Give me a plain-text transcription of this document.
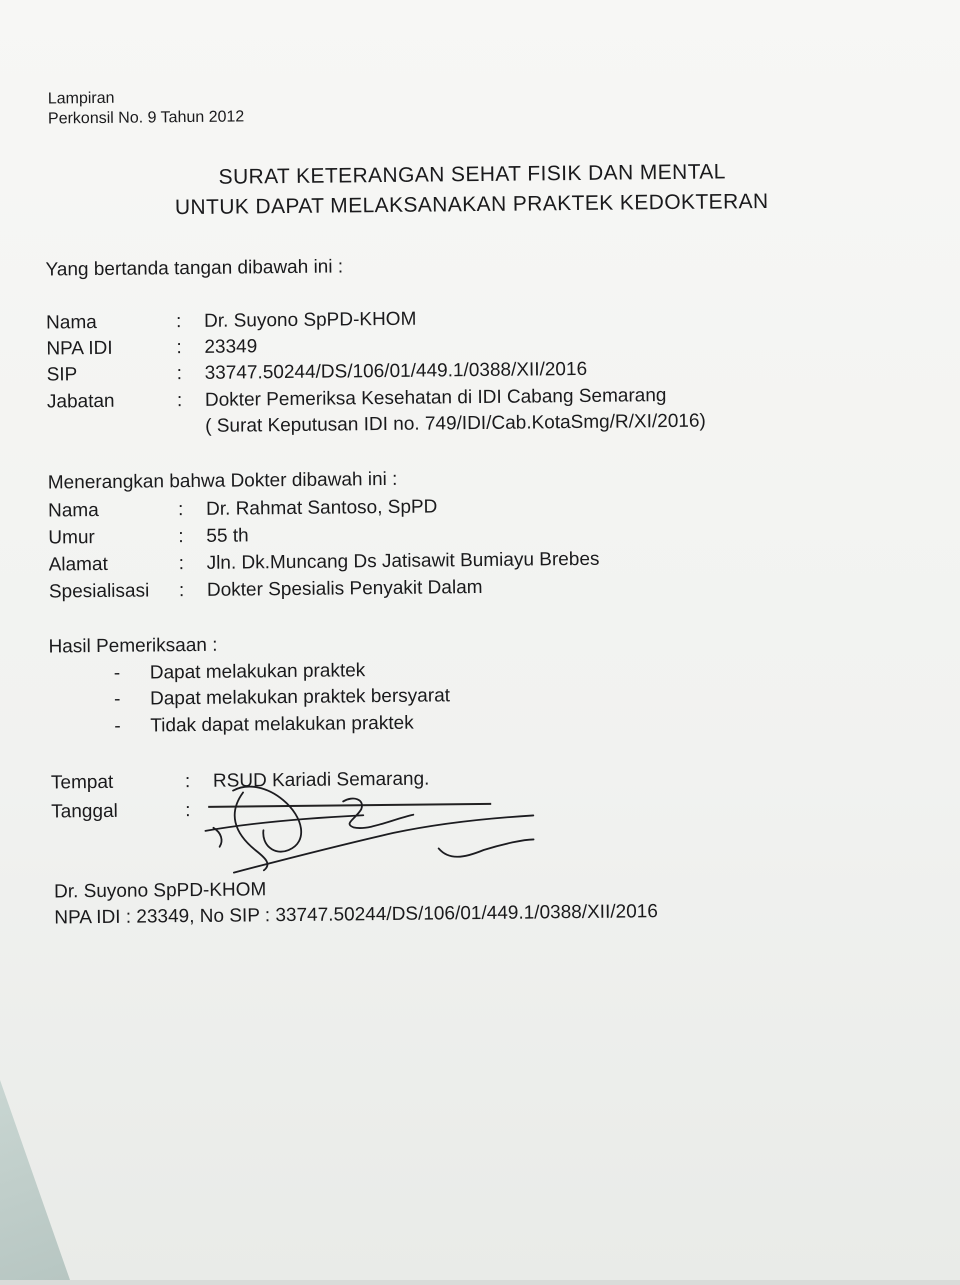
Lampiran
Perkonsil No. 9 Tahun 2012
SURAT KETERANGAN SEHAT FISIK DAN MENTAL
UNTUK DAPAT MELAKSANAKAN PRAKTEK KEDOKTERAN
Yang bertanda tangan dibawah ini :
Nama	:	Dr. Suyono SpPD-KHOM
NPA IDI	:	23349
SIP	:	33747.50244/DS/106/01/449.1/0388/XII/2016
Jabatan	:	Dokter Pemeriksa Kesehatan di IDI Cabang Semarang
( Surat Keputusan IDI no. 749/IDI/Cab.KotaSmg/R/XI/2016)
Menerangkan bahwa Dokter dibawah ini :
Nama	:	Dr. Rahmat Santoso, SpPD
Umur	:	55 th
Alamat	:	Jln. Dk.Muncang Ds Jatisawit Bumiayu Brebes
Spesialisasi	:	Dokter Spesialis Penyakit Dalam
Hasil Pemeriksaan :
-	Dapat melakukan praktek
-	Dapat melakukan praktek bersyarat
-	Tidak dapat melakukan praktek
Tempat	:	RSUD Kariadi Semarang.
Tanggal	:
Dr. Suyono SpPD-KHOM
NPA IDI : 23349, No SIP : 33747.50244/DS/106/01/449.1/0388/XII/2016
